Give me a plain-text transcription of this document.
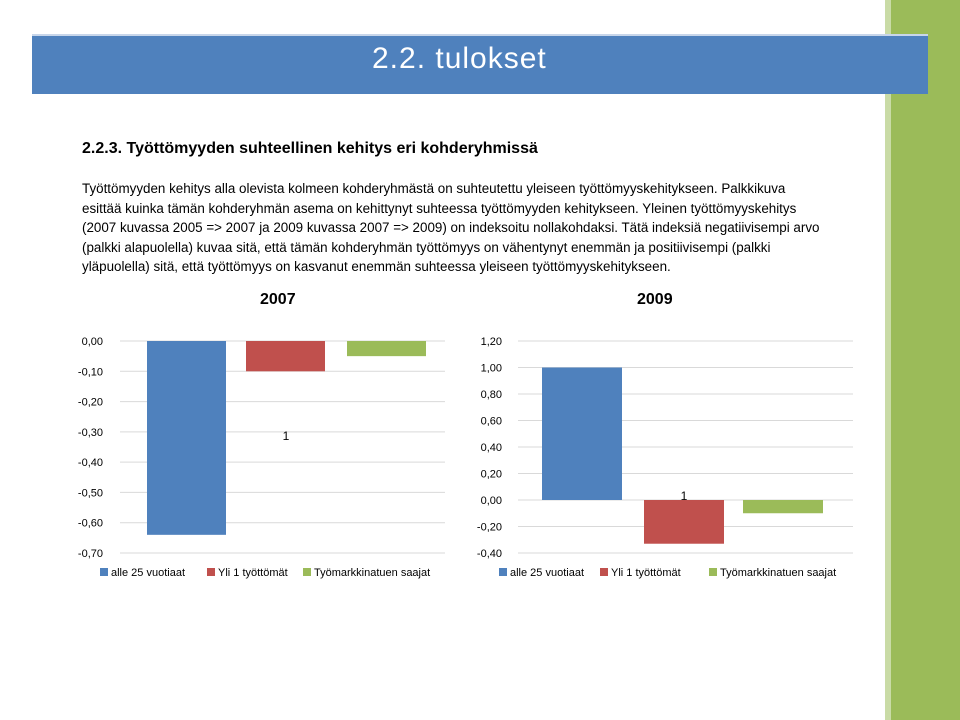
2.2. tulokset
2.2.3. Työttömyyden suhteellinen kehitys eri kohderyhmissä
Työttömyyden kehitys alla olevista kolmeen kohderyhmästä on suhteutettu yleiseen työttömyyskehitykseen. Palkkikuva esittää kuinka tämän kohderyhmän asema on kehittynyt suhteessa työttömyyden kehitykseen. Yleinen työttömyyskehitys (2007 kuvassa 2005 => 2007 ja 2009 kuvassa 2007 => 2009) on indeksoitu nollakohdaksi. Tätä indeksiä negatiivisempi arvo (palkki alapuolella) kuvaa sitä, että tämän kohderyhmän työttömyys on vähentynyt enemmän ja positiivisempi (palkki yläpuolella) sitä, että työttömyys on kasvanut enemmän suhteessa yleiseen työttömyyskehitykseen.
2007	2009
0,00
-0,10
-0,20
-0,30
-0,40
-0,50
-0,60
-0,70
1
alle 25 vuotiaat	Yli 1 työttömät Työmarkkinatuen saajat
1,20
1,00
0,80
0,60
0,40
0,20
0,00
-0,20
-0,40
1
alle 25 vuotiaat Yli 1 työttömät	Työmarkkinatuen saajat
